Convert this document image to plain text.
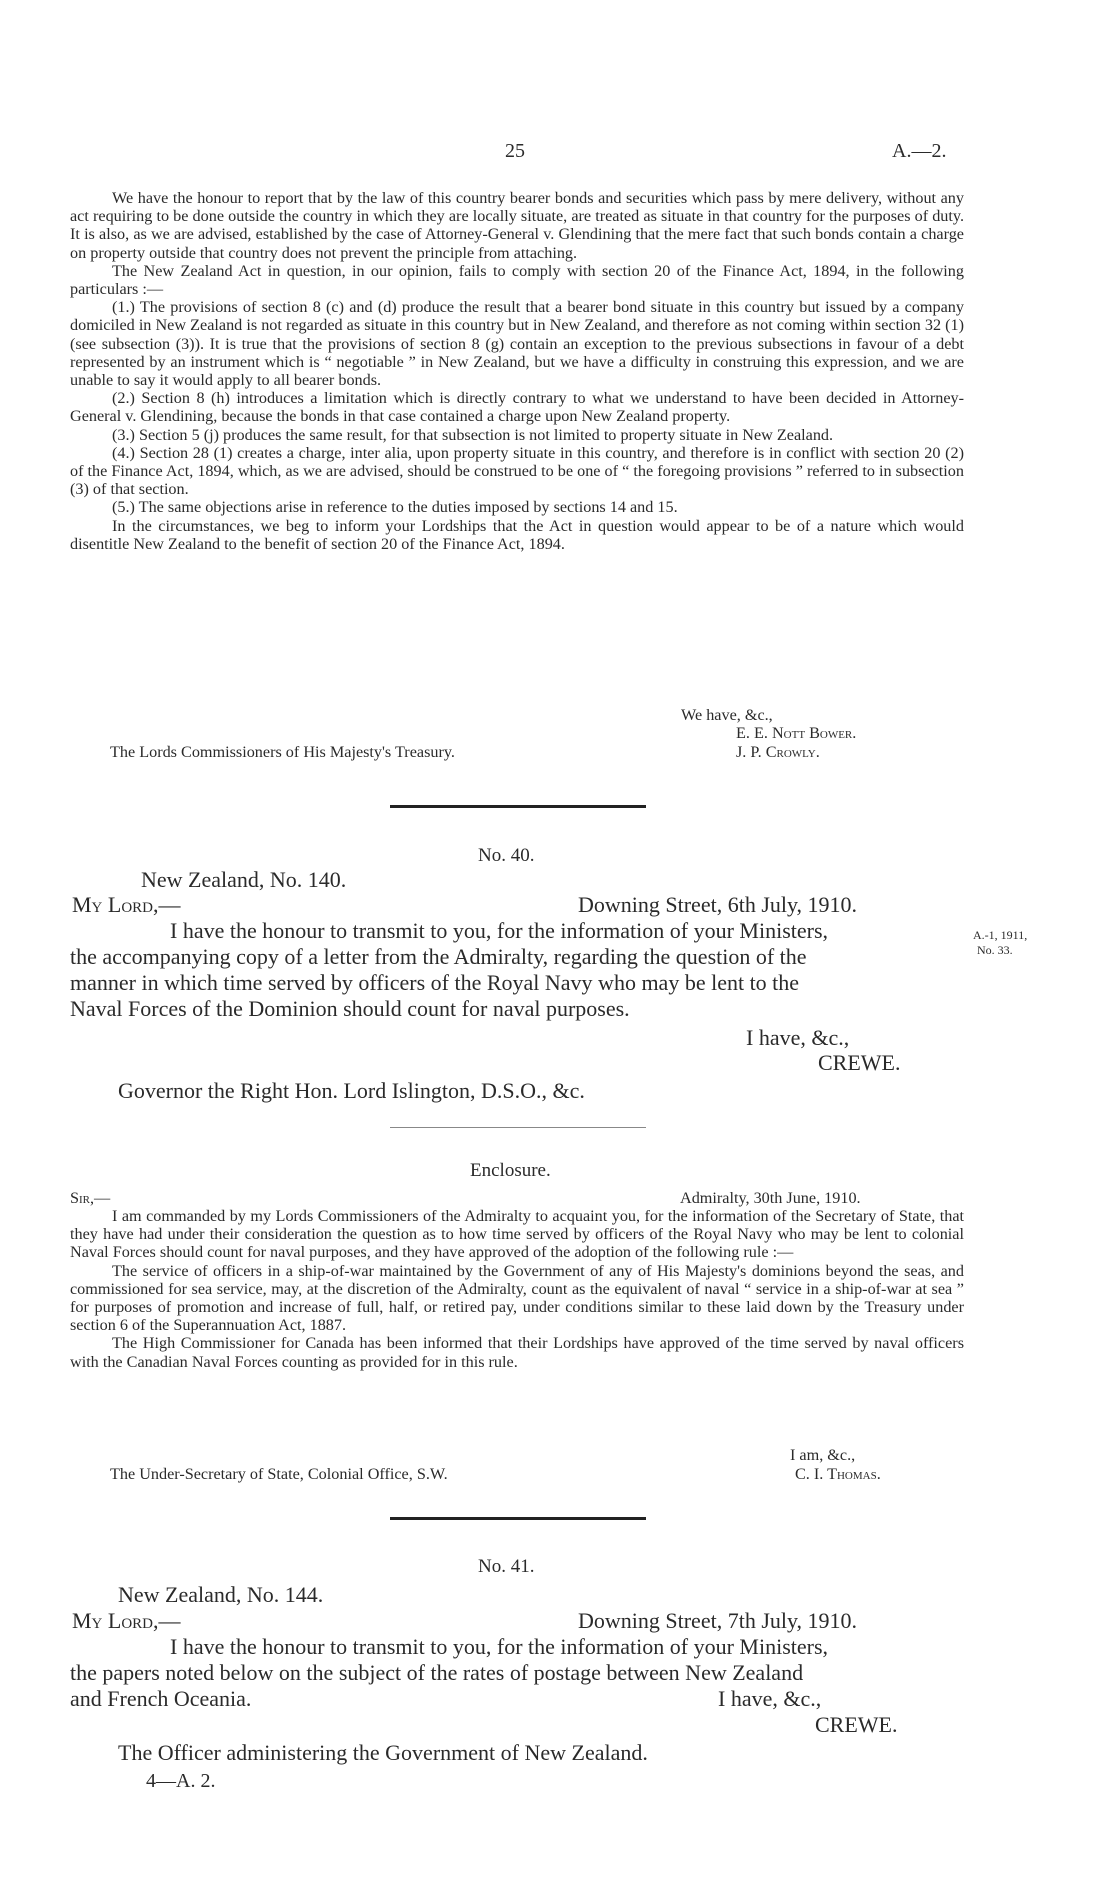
25	A.—2.

We have the honour to report that by the law of this country bearer bonds and securities which pass by mere delivery, without any act requiring to be done outside the country in which they are locally situate, are treated as situate in that country for the purposes of duty. It is also, as we are advised, established by the case of Attorney-General v. Glendining that the mere fact that such bonds contain a charge on property outside that country does not prevent the principle from attaching.

The New Zealand Act in question, in our opinion, fails to comply with section 20 of the Finance Act, 1894, in the following particulars :—

(1.) The provisions of section 8 (c) and (d) produce the result that a bearer bond situate in this country but issued by a company domiciled in New Zealand is not regarded as situate in this country but in New Zealand, and therefore as not coming within section 32 (1) (see subsection (3)). It is true that the provisions of section 8 (g) contain an exception to the previous subsections in favour of a debt represented by an instrument which is “ negotiable ” in New Zealand, but we have a difficulty in construing this expression, and we are unable to say it would apply to all bearer bonds.

(2.) Section 8 (h) introduces a limitation which is directly contrary to what we understand to have been decided in Attorney-General v. Glendining, because the bonds in that case contained a charge upon New Zealand property.

(3.) Section 5 (j) produces the same result, for that subsection is not limited to property situate in New Zealand.

(4.) Section 28 (1) creates a charge, inter alia, upon property situate in this country, and therefore is in conflict with section 20 (2) of the Finance Act, 1894, which, as we are advised, should be construed to be one of “ the foregoing provisions ” referred to in subsection (3) of that section.

(5.) The same objections arise in reference to the duties imposed by sections 14 and 15.

In the circumstances, we beg to inform your Lordships that the Act in question would appear to be of a nature which would disentitle New Zealand to the benefit of section 20 of the Finance Act, 1894.

We have, &c.,
E. E. Nott Bower.
The Lords Commissioners of His Majesty's Treasury.	J. P. Crowly.
No. 40.
New Zealand, No. 140.
My Lord,—	Downing Street, 6th July, 1910.
I have the honour to transmit to you, for the information of your Ministers,
the accompanying copy of a letter from the Admiralty, regarding the question of the
manner in which time served by officers of the Royal Navy who may be lent to the
Naval Forces of the Dominion should count for naval purposes.
A.-1, 1911,
No. 33.
I have, &c.,
CREWE.
Governor the Right Hon. Lord Islington, D.S.O., &c.
Enclosure.
Sir,—	Admiralty, 30th June, 1910.

I am commanded by my Lords Commissioners of the Admiralty to acquaint you, for the information of the Secretary of State, that they have had under their consideration the question as to how time served by officers of the Royal Navy who may be lent to colonial Naval Forces should count for naval purposes, and they have approved of the adoption of the following rule :—

The service of officers in a ship-of-war maintained by the Government of any of His Majesty's dominions beyond the seas, and commissioned for sea service, may, at the discretion of the Admiralty, count as the equivalent of naval “ service in a ship-of-war at sea ” for purposes of promotion and increase of full, half, or retired pay, under conditions similar to these laid down by the Treasury under section 6 of the Superannuation Act, 1887.

The High Commissioner for Canada has been informed that their Lordships have approved of the time served by naval officers with the Canadian Naval Forces counting as provided for in this rule.

I am, &c.,
The Under-Secretary of State, Colonial Office, S.W.	C. I. Thomas.
No. 41.
New Zealand, No. 144.
My Lord,—	Downing Street, 7th July, 1910.
I have the honour to transmit to you, for the information of your Ministers,
the papers noted below on the subject of the rates of postage between New Zealand
and French Oceania.	I have, &c.,
CREWE.
The Officer administering the Government of New Zealand.
4—A. 2.
